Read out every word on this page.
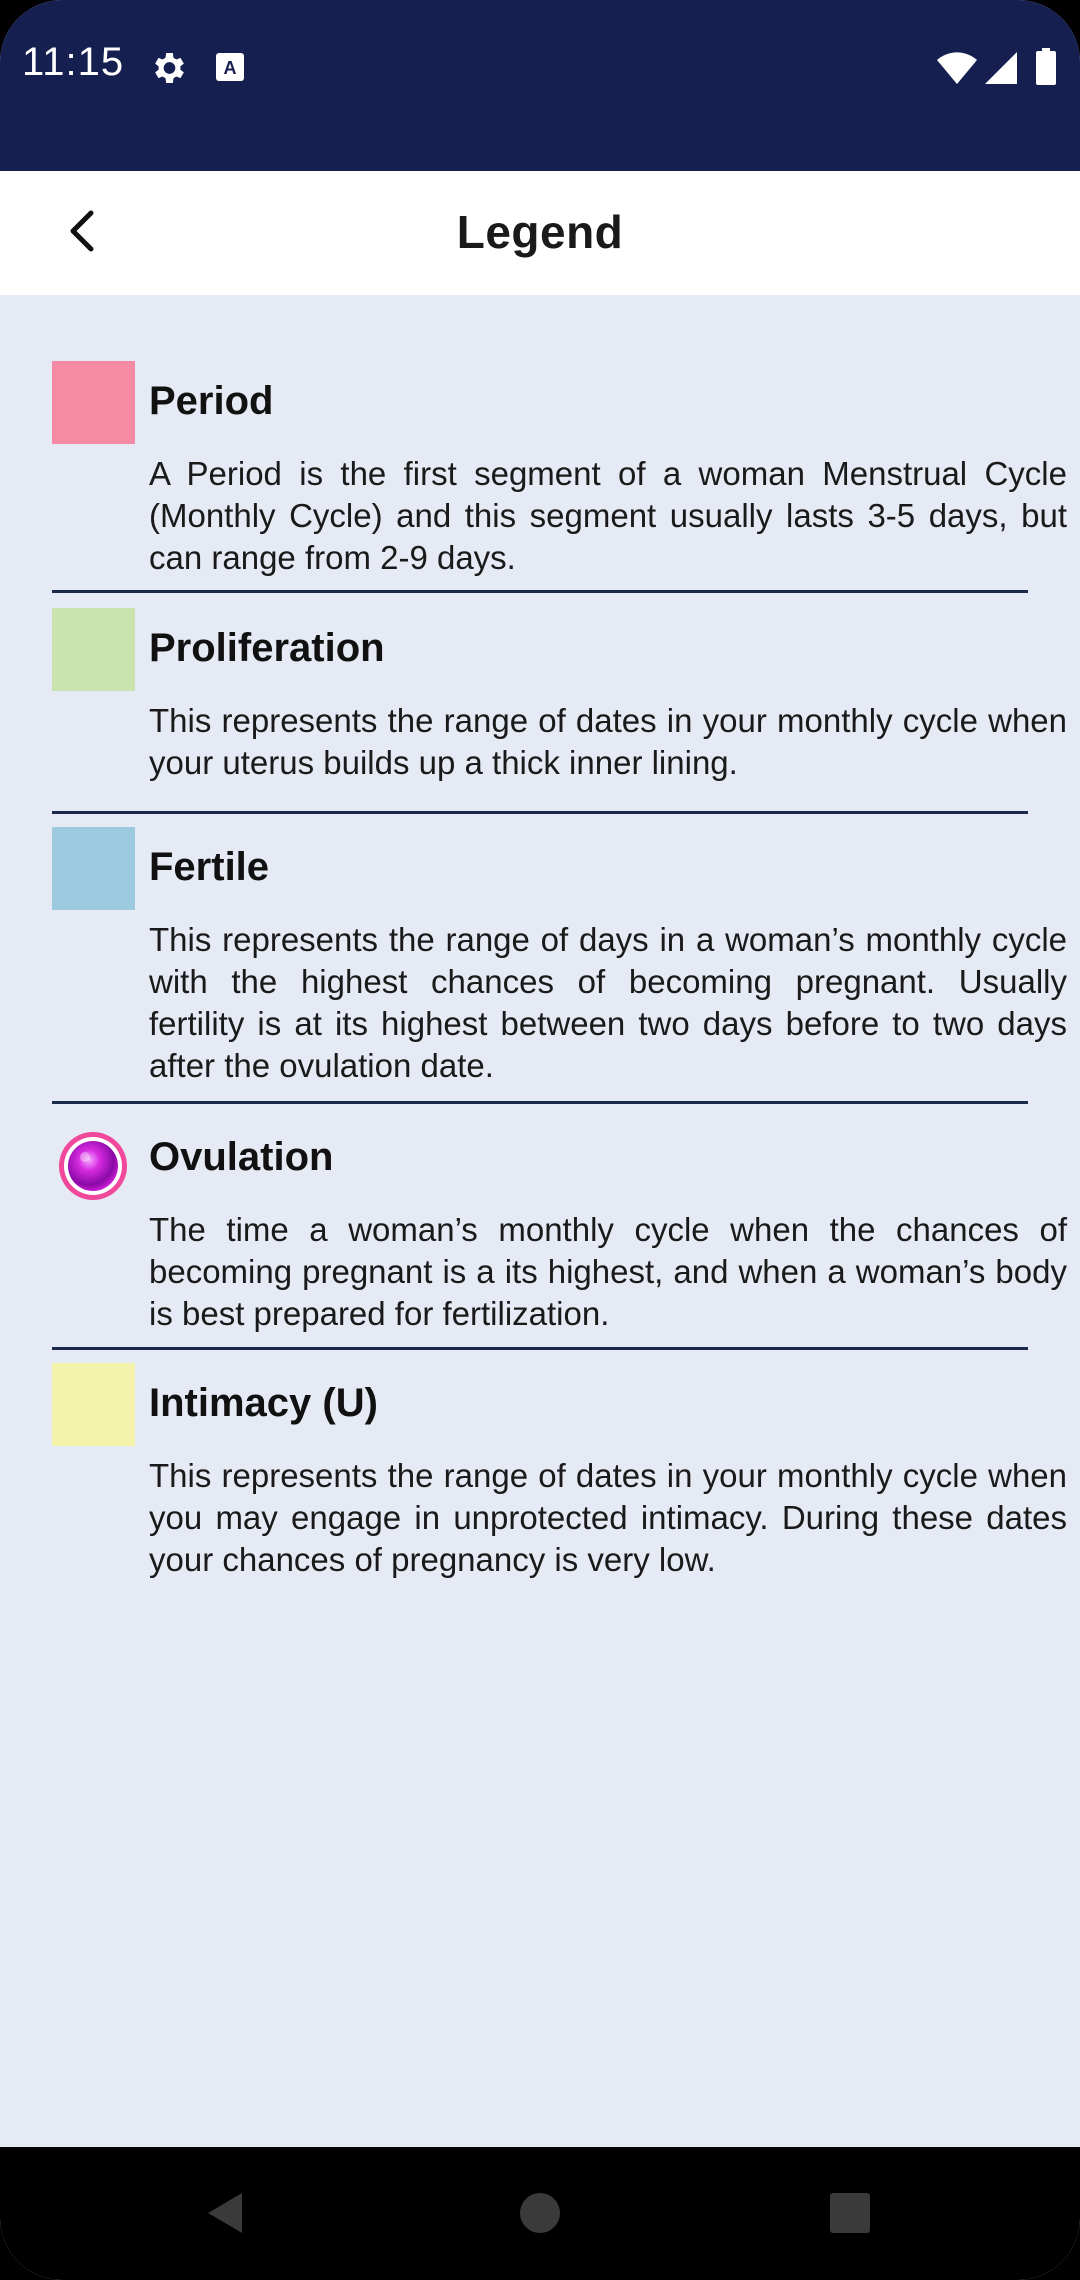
11:15	A
Legend
Period
A Period is the first segment of a woman Menstrual Cycle (Monthly Cycle) and this segment usually lasts 3-5 days, but can range from 2-9 days.
Proliferation
This represents the range of dates in your monthly cycle when your uterus builds up a thick inner lining.
Fertile
This represents the range of days in a woman’s monthly cycle with the highest chances of becoming pregnant. Usually fertility is at its highest between two days before to two days after the ovulation date.
Ovulation
The time a woman’s monthly cycle when the chances of becoming pregnant is a its highest, and when a woman’s body is best prepared for fertilization.
Intimacy (U)
This represents the range of dates in your monthly cycle when you may engage in unprotected intimacy. During these dates your chances of pregnancy is very low.
